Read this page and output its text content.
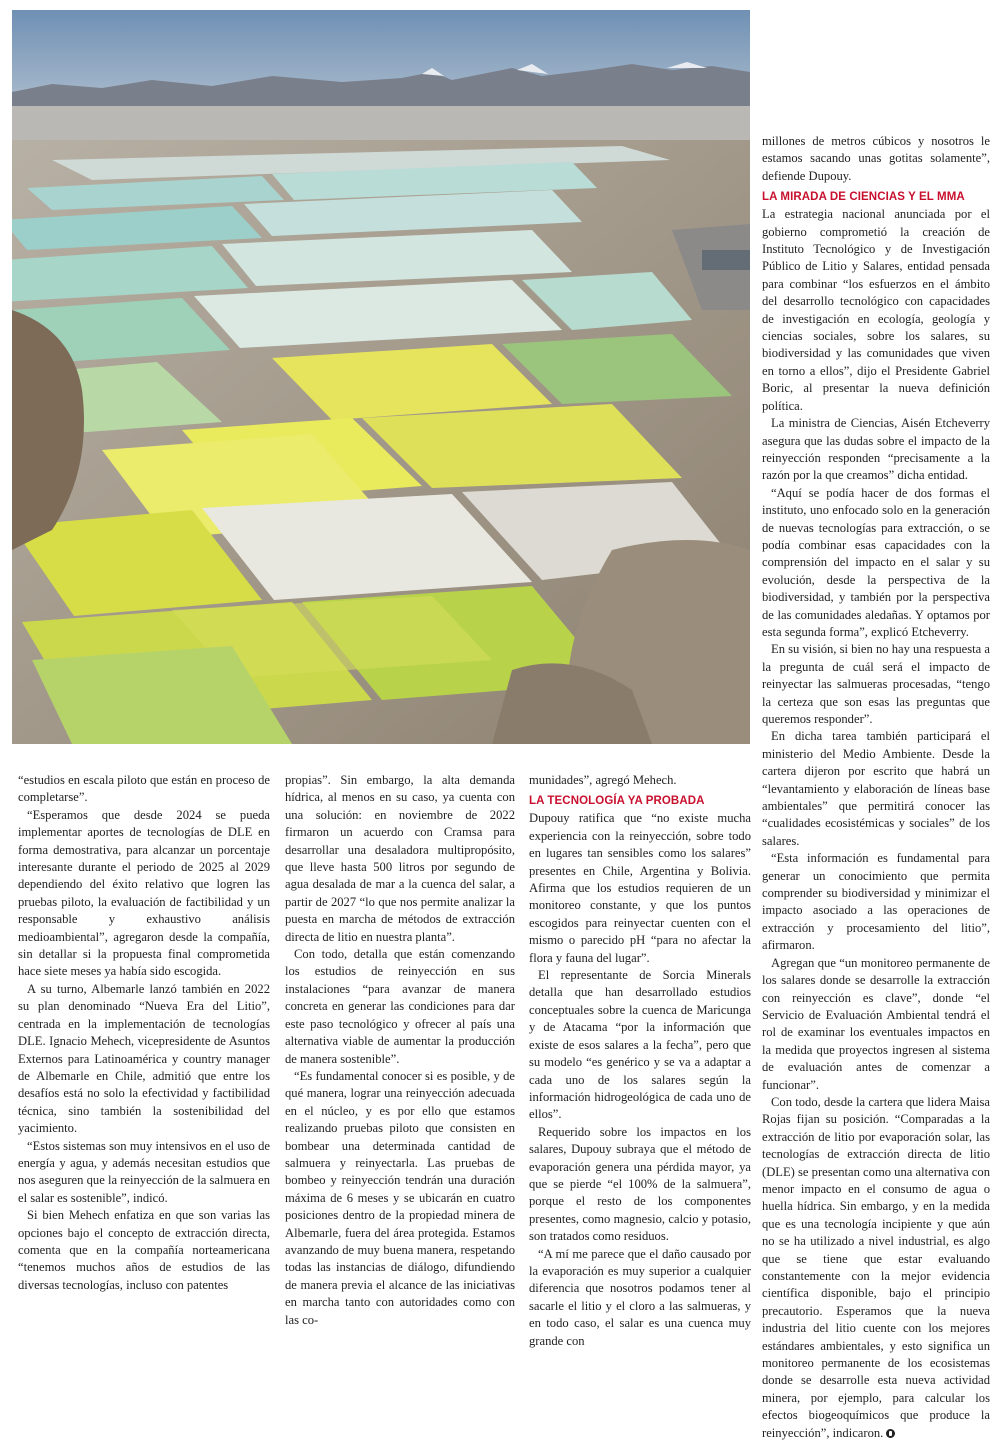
millones de metros cúbicos y nosotros le estamos sacando unas gotitas solamente”, defiende Dupouy.

LA MIRADA DE CIENCIAS Y EL MMA

La estrategia nacional anunciada por el gobierno comprometió la creación de Instituto Tecnológico y de Investigación Público de Litio y Salares, entidad pensada para combinar “los esfuerzos en el ámbito del desarrollo tecnológico con capacidades de investigación en ecología, geología y ciencias sociales, sobre los salares, su biodiversidad y las comunidades que viven en torno a ellos”, dijo el Presidente Gabriel Boric, al presentar la nueva definición política.

La ministra de Ciencias, Aisén Etcheverry asegura que las dudas sobre el impacto de la reinyección responden “precisamente a la razón por la que creamos” dicha entidad.

“Aquí se podía hacer de dos formas el instituto, uno enfocado solo en la generación de nuevas tecnologías para extracción, o se podía combinar esas capacidades con la comprensión del impacto en el salar y su evolución, desde la perspectiva de la biodiversidad, y también por la perspectiva de las comunidades aledañas. Y optamos por esta segunda forma”, explicó Etcheverry.

En su visión, si bien no hay una respuesta a la pregunta de cuál será el impacto de reinyectar las salmueras procesadas, “tengo la certeza que son esas las preguntas que queremos responder”.

En dicha tarea también participará el ministerio del Medio Ambiente. Desde la cartera dijeron por escrito que habrá un “levantamiento y elaboración de líneas base ambientales” que permitirá conocer las “cualidades ecosistémicas y sociales” de los salares.

“Esta información es fundamental para generar un conocimiento que permita comprender su biodiversidad y minimizar el impacto asociado a las operaciones de extracción y procesamiento del litio”, afirmaron.

Agregan que “un monitoreo permanente de los salares donde se desarrolle la extracción con reinyección es clave”, donde “el Servicio de Evaluación Ambiental tendrá el rol de examinar los eventuales impactos en la medida que proyectos ingresen al sistema de evaluación antes de comenzar a funcionar”.

Con todo, desde la cartera que lidera Maisa Rojas fijan su posición. “Comparadas a la extracción de litio por evaporación solar, las tecnologías de extracción directa de litio (DLE) se presentan como una alternativa con menor impacto en el consumo de agua o huella hídrica. Sin embargo, y en la medida que es una tecnología incipiente y que aún no se ha utilizado a nivel industrial, es algo que se tiene que estar evaluando constantemente con la mejor evidencia científica disponible, bajo el principio precautorio. Esperamos que la nueva industria del litio cuente con los mejores estándares ambientales, y esto significa un monitoreo permanente de los ecosistemas donde se desarrolle esta nueva actividad minera, por ejemplo, para calcular los efectos biogeoquímicos que produce la reinyección”, indicaron.

“estudios en escala piloto que están en proceso de completarse”.

“Esperamos que desde 2024 se pueda implementar aportes de tecnologías de DLE en forma demostrativa, para alcanzar un porcentaje interesante durante el periodo de 2025 al 2029 dependiendo del éxito relativo que logren las pruebas piloto, la evaluación de factibilidad y un responsable y exhaustivo análisis medioambiental”, agregaron desde la compañía, sin detallar si la propuesta final comprometida hace siete meses ya había sido escogida.

A su turno, Albemarle lanzó también en 2022 su plan denominado “Nueva Era del Litio”, centrada en la implementación de tecnologías DLE. Ignacio Mehech, vicepresidente de Asuntos Externos para Latinoamérica y country manager de Albemarle en Chile, admitió que entre los desafíos está no solo la efectividad y factibilidad técnica, sino también la sostenibilidad del yacimiento.

“Estos sistemas son muy intensivos en el uso de energía y agua, y además necesitan estudios que nos aseguren que la reinyección de la salmuera en el salar es sostenible”, indicó.

Si bien Mehech enfatiza en que son varias las opciones bajo el concepto de extracción directa, comenta que en la compañía norteamericana “tenemos muchos años de estudios de las diversas tecnologías, incluso con patentes

propias”. Sin embargo, la alta demanda hídrica, al menos en su caso, ya cuenta con una solución: en noviembre de 2022 firmaron un acuerdo con Cramsa para desarrollar una desaladora multipropósito, que lleve hasta 500 litros por segundo de agua desalada de mar a la cuenca del salar, a partir de 2027 “lo que nos permite analizar la puesta en marcha de métodos de extracción directa de litio en nuestra planta”.

Con todo, detalla que están comenzando los estudios de reinyección en sus instalaciones “para avanzar de manera concreta en generar las condiciones para dar este paso tecnológico y ofrecer al país una alternativa viable de aumentar la producción de manera sostenible”.

“Es fundamental conocer si es posible, y de qué manera, lograr una reinyección adecuada en el núcleo, y es por ello que estamos realizando pruebas piloto que consisten en bombear una determinada cantidad de salmuera y reinyectarla. Las pruebas de bombeo y reinyección tendrán una duración máxima de 6 meses y se ubicarán en cuatro posiciones dentro de la propiedad minera de Albemarle, fuera del área protegida. Estamos avanzando de muy buena manera, respetando todas las instancias de diálogo, difundiendo de manera previa el alcance de las iniciativas en marcha tanto con autoridades como con las co-

munidades”, agregó Mehech.

LA TECNOLOGÍA YA PROBADA

Dupouy ratifica que “no existe mucha experiencia con la reinyección, sobre todo en lugares tan sensibles como los salares” presentes en Chile, Argentina y Bolivia. Afirma que los estudios requieren de un monitoreo constante, y que los puntos escogidos para reinyectar cuenten con el mismo o parecido pH “para no afectar la flora y fauna del lugar”.

El representante de Sorcia Minerals detalla que han desarrollado estudios conceptuales sobre la cuenca de Maricunga y de Atacama “por la información que existe de esos salares a la fecha”, pero que su modelo “es genérico y se va a adaptar a cada uno de los salares según la información hidrogeológica de cada uno de ellos”.

Requerido sobre los impactos en los salares, Dupouy subraya que el método de evaporación genera una pérdida mayor, ya que se pierde “el 100% de la salmuera”, porque el resto de los componentes presentes, como magnesio, calcio y potasio, son tratados como residuos.

“A mí me parece que el daño causado por la evaporación es muy superior a cualquier diferencia que nosotros podamos tener al sacarle el litio y el cloro a las salmueras, y en todo caso, el salar es una cuenca muy grande con
